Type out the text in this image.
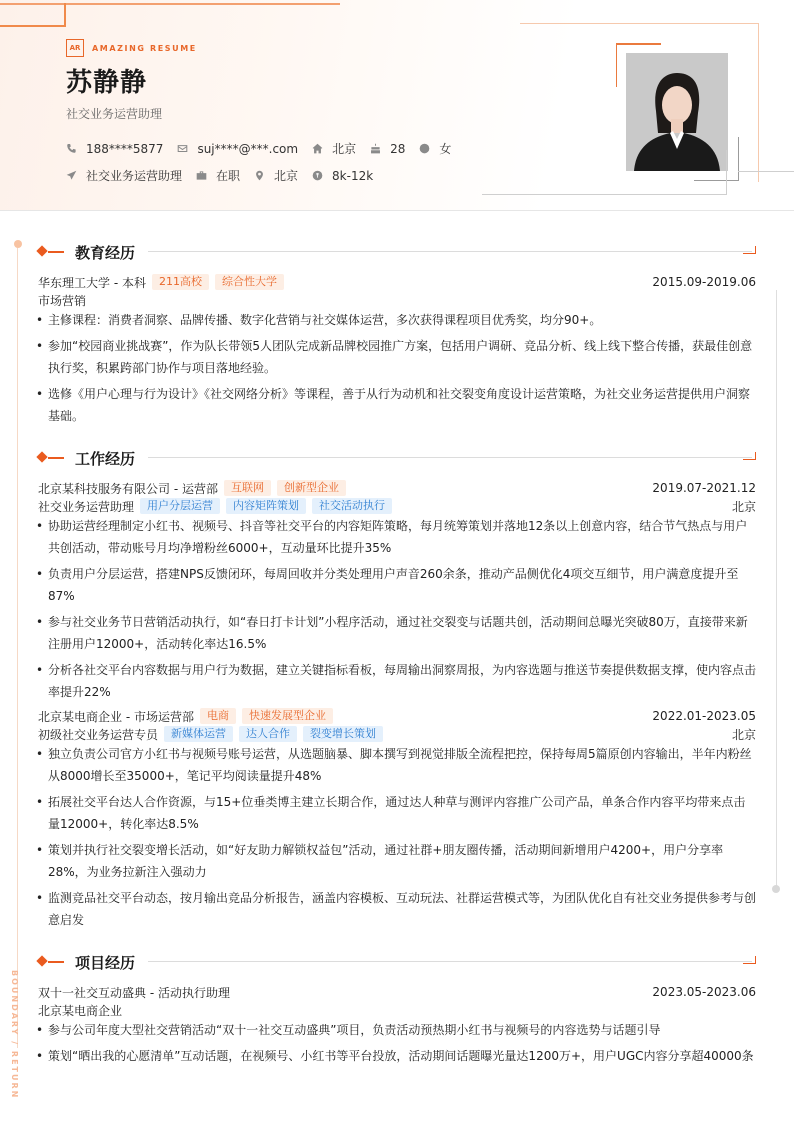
AR	AMAZING RESUME
苏静静
社交业务运营助理
188****5877	suj****@***.com	北京	28	女
社交业务运营助理	在职	北京	8k-12k
BOUNDARY / RETURN
教育经历
华东理工大学 - 本科	211高校	综合性大学	2015.09-2019.06
市场营销
• 主修课程：消费者洞察、品牌传播、数字化营销与社交媒体运营，多次获得课程项目优秀奖，均分90+。
• 参加“校园商业挑战赛”，作为队长带领5人团队完成新品牌校园推广方案，包括用户调研、竞品分析、线上线下整合传播，获最佳创意执行奖，积累跨部门协作与项目落地经验。
• 选修《用户心理与行为设计》《社交网络分析》等课程，善于从行为动机和社交裂变角度设计运营策略，为社交业务运营提供用户洞察基础。
工作经历
北京某科技服务有限公司 - 运营部	互联网	创新型企业	2019.07-2021.12
社交业务运营助理	用户分层运营	内容矩阵策划	社交活动执行	北京
• 协助运营经理制定小红书、视频号、抖音等社交平台的内容矩阵策略，每月统筹策划并落地12条以上创意内容，结合节气热点与用户共创活动，带动账号月均净增粉丝6000+，互动量环比提升35%
• 负责用户分层运营，搭建NPS反馈闭环，每周回收并分类处理用户声音260余条，推动产品侧优化4项交互细节，用户满意度提升至87%
• 参与社交业务节日营销活动执行，如“春日打卡计划”小程序活动，通过社交裂变与话题共创，活动期间总曝光突破80万，直接带来新注册用户12000+，活动转化率达16.5%
• 分析各社交平台内容数据与用户行为数据，建立关键指标看板，每周输出洞察周报，为内容选题与推送节奏提供数据支撑，使内容点击率提升22%
北京某电商企业 - 市场运营部	电商	快速发展型企业	2022.01-2023.05
初级社交业务运营专员	新媒体运营	达人合作	裂变增长策划	北京
• 独立负责公司官方小红书与视频号账号运营，从选题脑暴、脚本撰写到视觉排版全流程把控，保持每周5篇原创内容输出，半年内粉丝从8000增长至35000+，笔记平均阅读量提升48%
• 拓展社交平台达人合作资源，与15+位垂类博主建立长期合作，通过达人种草与测评内容推广公司产品，单条合作内容平均带来点击量12000+，转化率达8.5%
• 策划并执行社交裂变增长活动，如“好友助力解锁权益包”活动，通过社群+朋友圈传播，活动期间新增用户4200+，用户分享率28%，为业务拉新注入强动力
• 监测竞品社交平台动态，按月输出竞品分析报告，涵盖内容模板、互动玩法、社群运营模式等，为团队优化自有社交业务提供参考与创意启发
项目经历
双十一社交互动盛典 - 活动执行助理	2023.05-2023.06
北京某电商企业
• 参与公司年度大型社交营销活动“双十一社交互动盛典”项目，负责活动预热期小红书与视频号的内容选势与话题引导
• 策划“晒出我的心愿清单”互动话题，在视频号、小红书等平台投放，活动期间话题曝光量达1200万+，用户UGC内容分享超40000条
